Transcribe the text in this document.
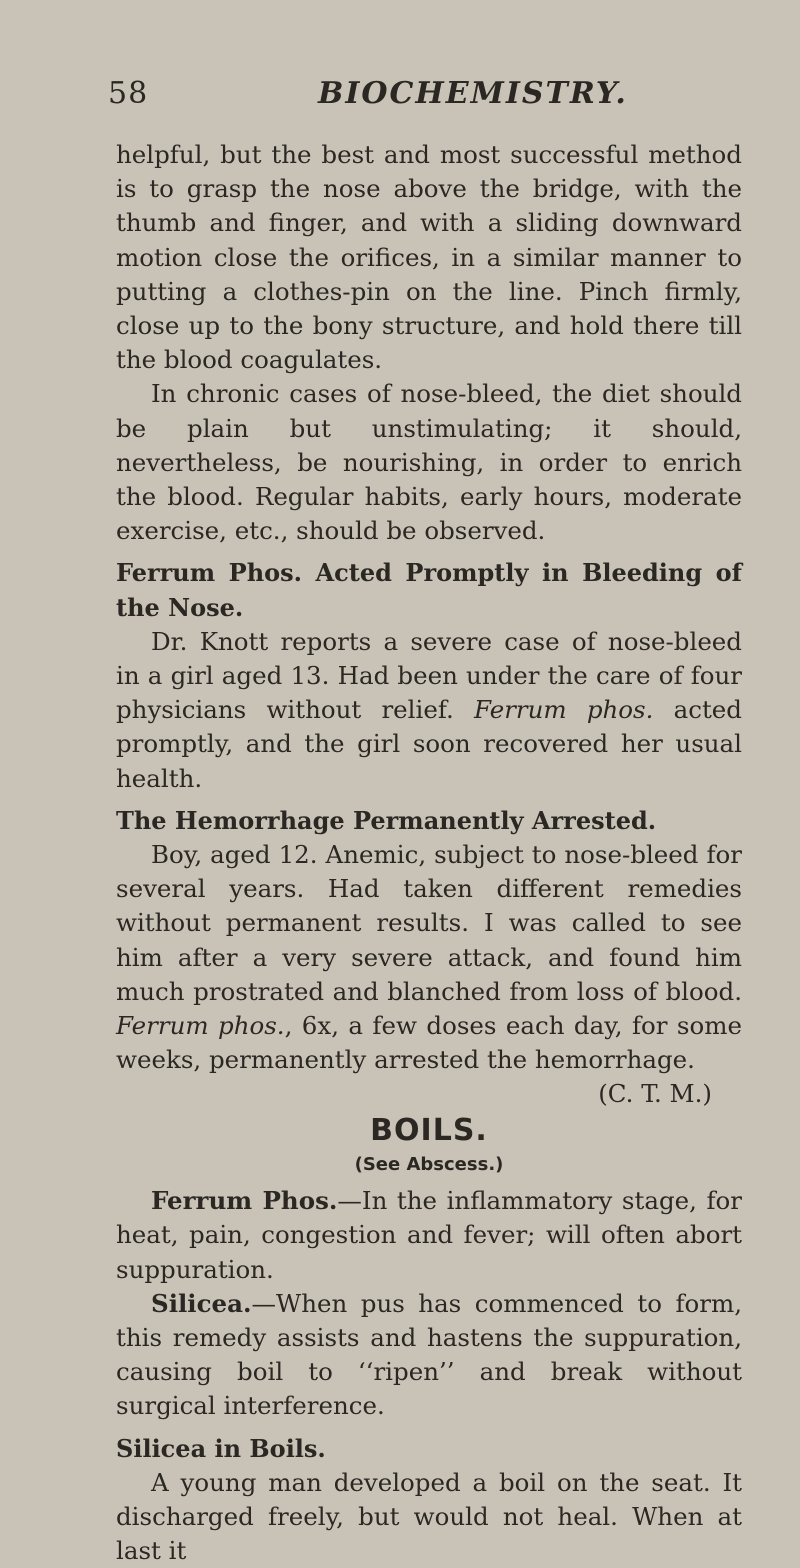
58	BIOCHEMISTRY.

helpful, but the best and most successful method is to grasp the nose above the bridge, with the thumb and finger, and with a sliding downward motion close the orifices, in a similar manner to putting a clothes-pin on the line. Pinch firmly, close up to the bony structure, and hold there till the blood coagulates.

In chronic cases of nose-bleed, the diet should be plain but unstimulating; it should, nevertheless, be nourishing, in order to enrich the blood. Regular habits, early hours, moderate exercise, etc., should be observed.

Ferrum Phos. Acted Promptly in Bleeding of the Nose.

Dr. Knott reports a severe case of nose-bleed in a girl aged 13. Had been under the care of four physicians without relief. Ferrum phos. acted promptly, and the girl soon recovered her usual health.

The Hemorrhage Permanently Arrested.

Boy, aged 12. Anemic, subject to nose-bleed for several years. Had taken different remedies without permanent results. I was called to see him after a very severe attack, and found him much prostrated and blanched from loss of blood. Ferrum phos., 6x, a few doses each day, for some weeks, permanently arrested the hemorrhage.

(C. T. M.)

BOILS.

(See Abscess.)

Ferrum Phos.—In the inflammatory stage, for heat, pain, congestion and fever; will often abort suppuration.

Silicea.—When pus has commenced to form, this remedy assists and hastens the suppuration, causing boil to ‘‘ripen’’ and break without surgical interference.

Silicea in Boils.

A young man developed a boil on the seat. It discharged freely, but would not heal. When at last it
